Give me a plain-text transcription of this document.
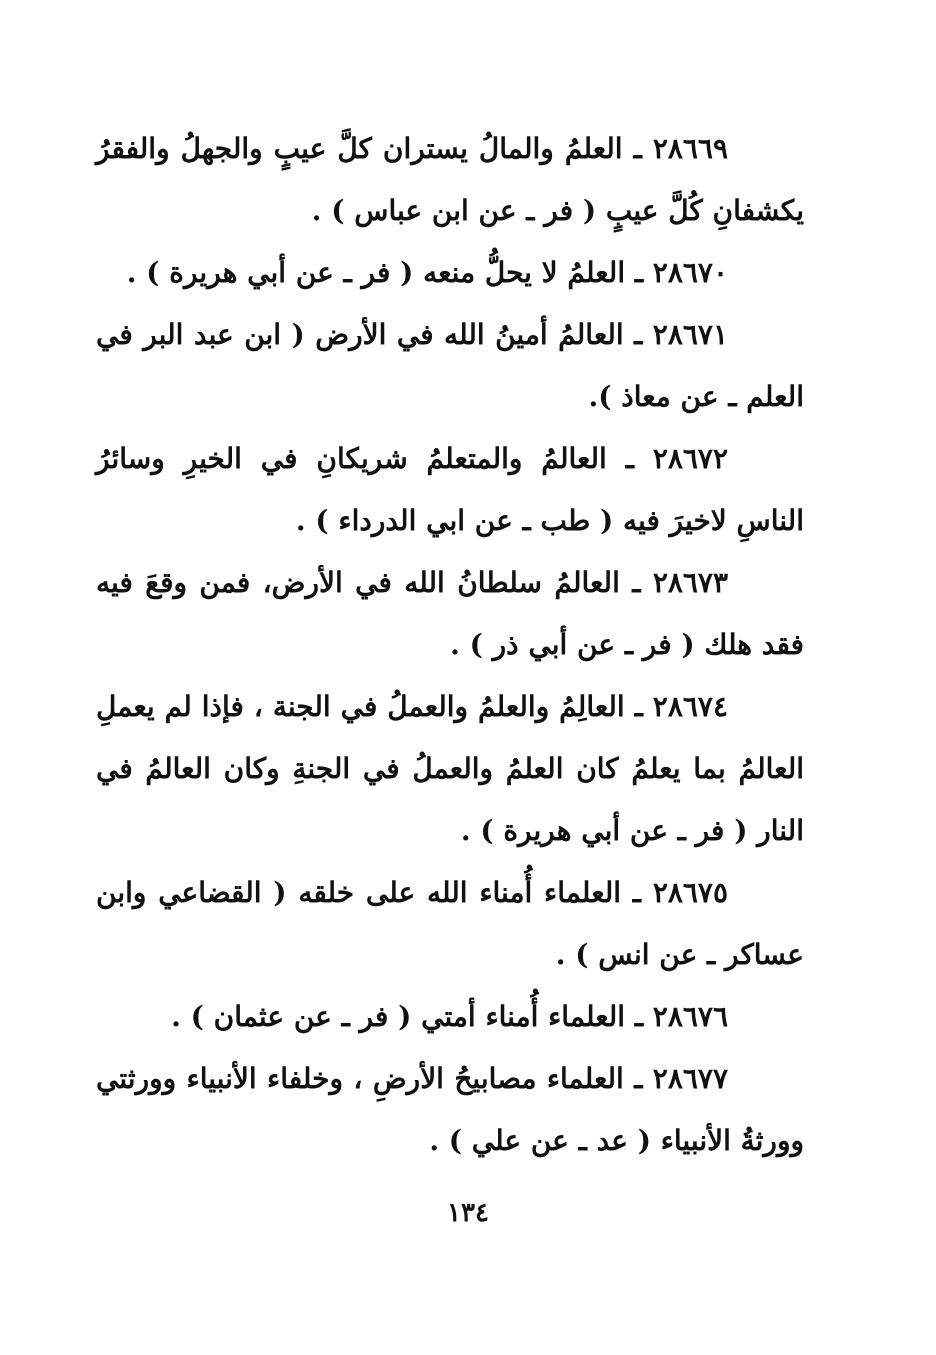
٢٨٦٦٩ ـ العلمُ والمالُ يستران كلَّ عيبٍ والجهلُ والفقرُ يكشفانِ كُلَّ عيبٍ ( فر ـ عن ابن عباس ) .

٢٨٦٧٠ ـ العلمُ لا يحلُّ منعه ( فر ـ عن أبي هريرة ) .

٢٨٦٧١ ـ العالمُ أمينُ الله في الأرض ( ابن عبد البر في العلم ـ عن معاذ ).

٢٨٦٧٢ ـ العالمُ والمتعلمُ شريكانِ في الخيرِ وسائرُ الناسِ لاخيرَ فيه ( طب ـ عن ابي الدرداء ) .

٢٨٦٧٣ ـ العالمُ سلطانُ الله في الأرض، فمن وقعَ فيه فقد هلك ( فر ـ عن أبي ذر ) .

٢٨٦٧٤ ـ العالِمُ والعلمُ والعملُ في الجنة ، فإذا لم يعملِ العالمُ بما يعلمُ كان العلمُ والعملُ في الجنةِ وكان العالمُ في النار ( فر ـ عن أبي هريرة ) .

٢٨٦٧٥ ـ العلماء أُمناء الله على خلقه ( القضاعي وابن عساكر ـ عن انس ) .

٢٨٦٧٦ ـ العلماء أُمناء أمتي ( فر ـ عن عثمان ) .

٢٨٦٧٧ ـ العلماء مصابيحُ الأرضِ ، وخلفاء الأنبياء وورثتي وورثةُ الأنبياء ( عد ـ عن علي ) .

١٣٤
